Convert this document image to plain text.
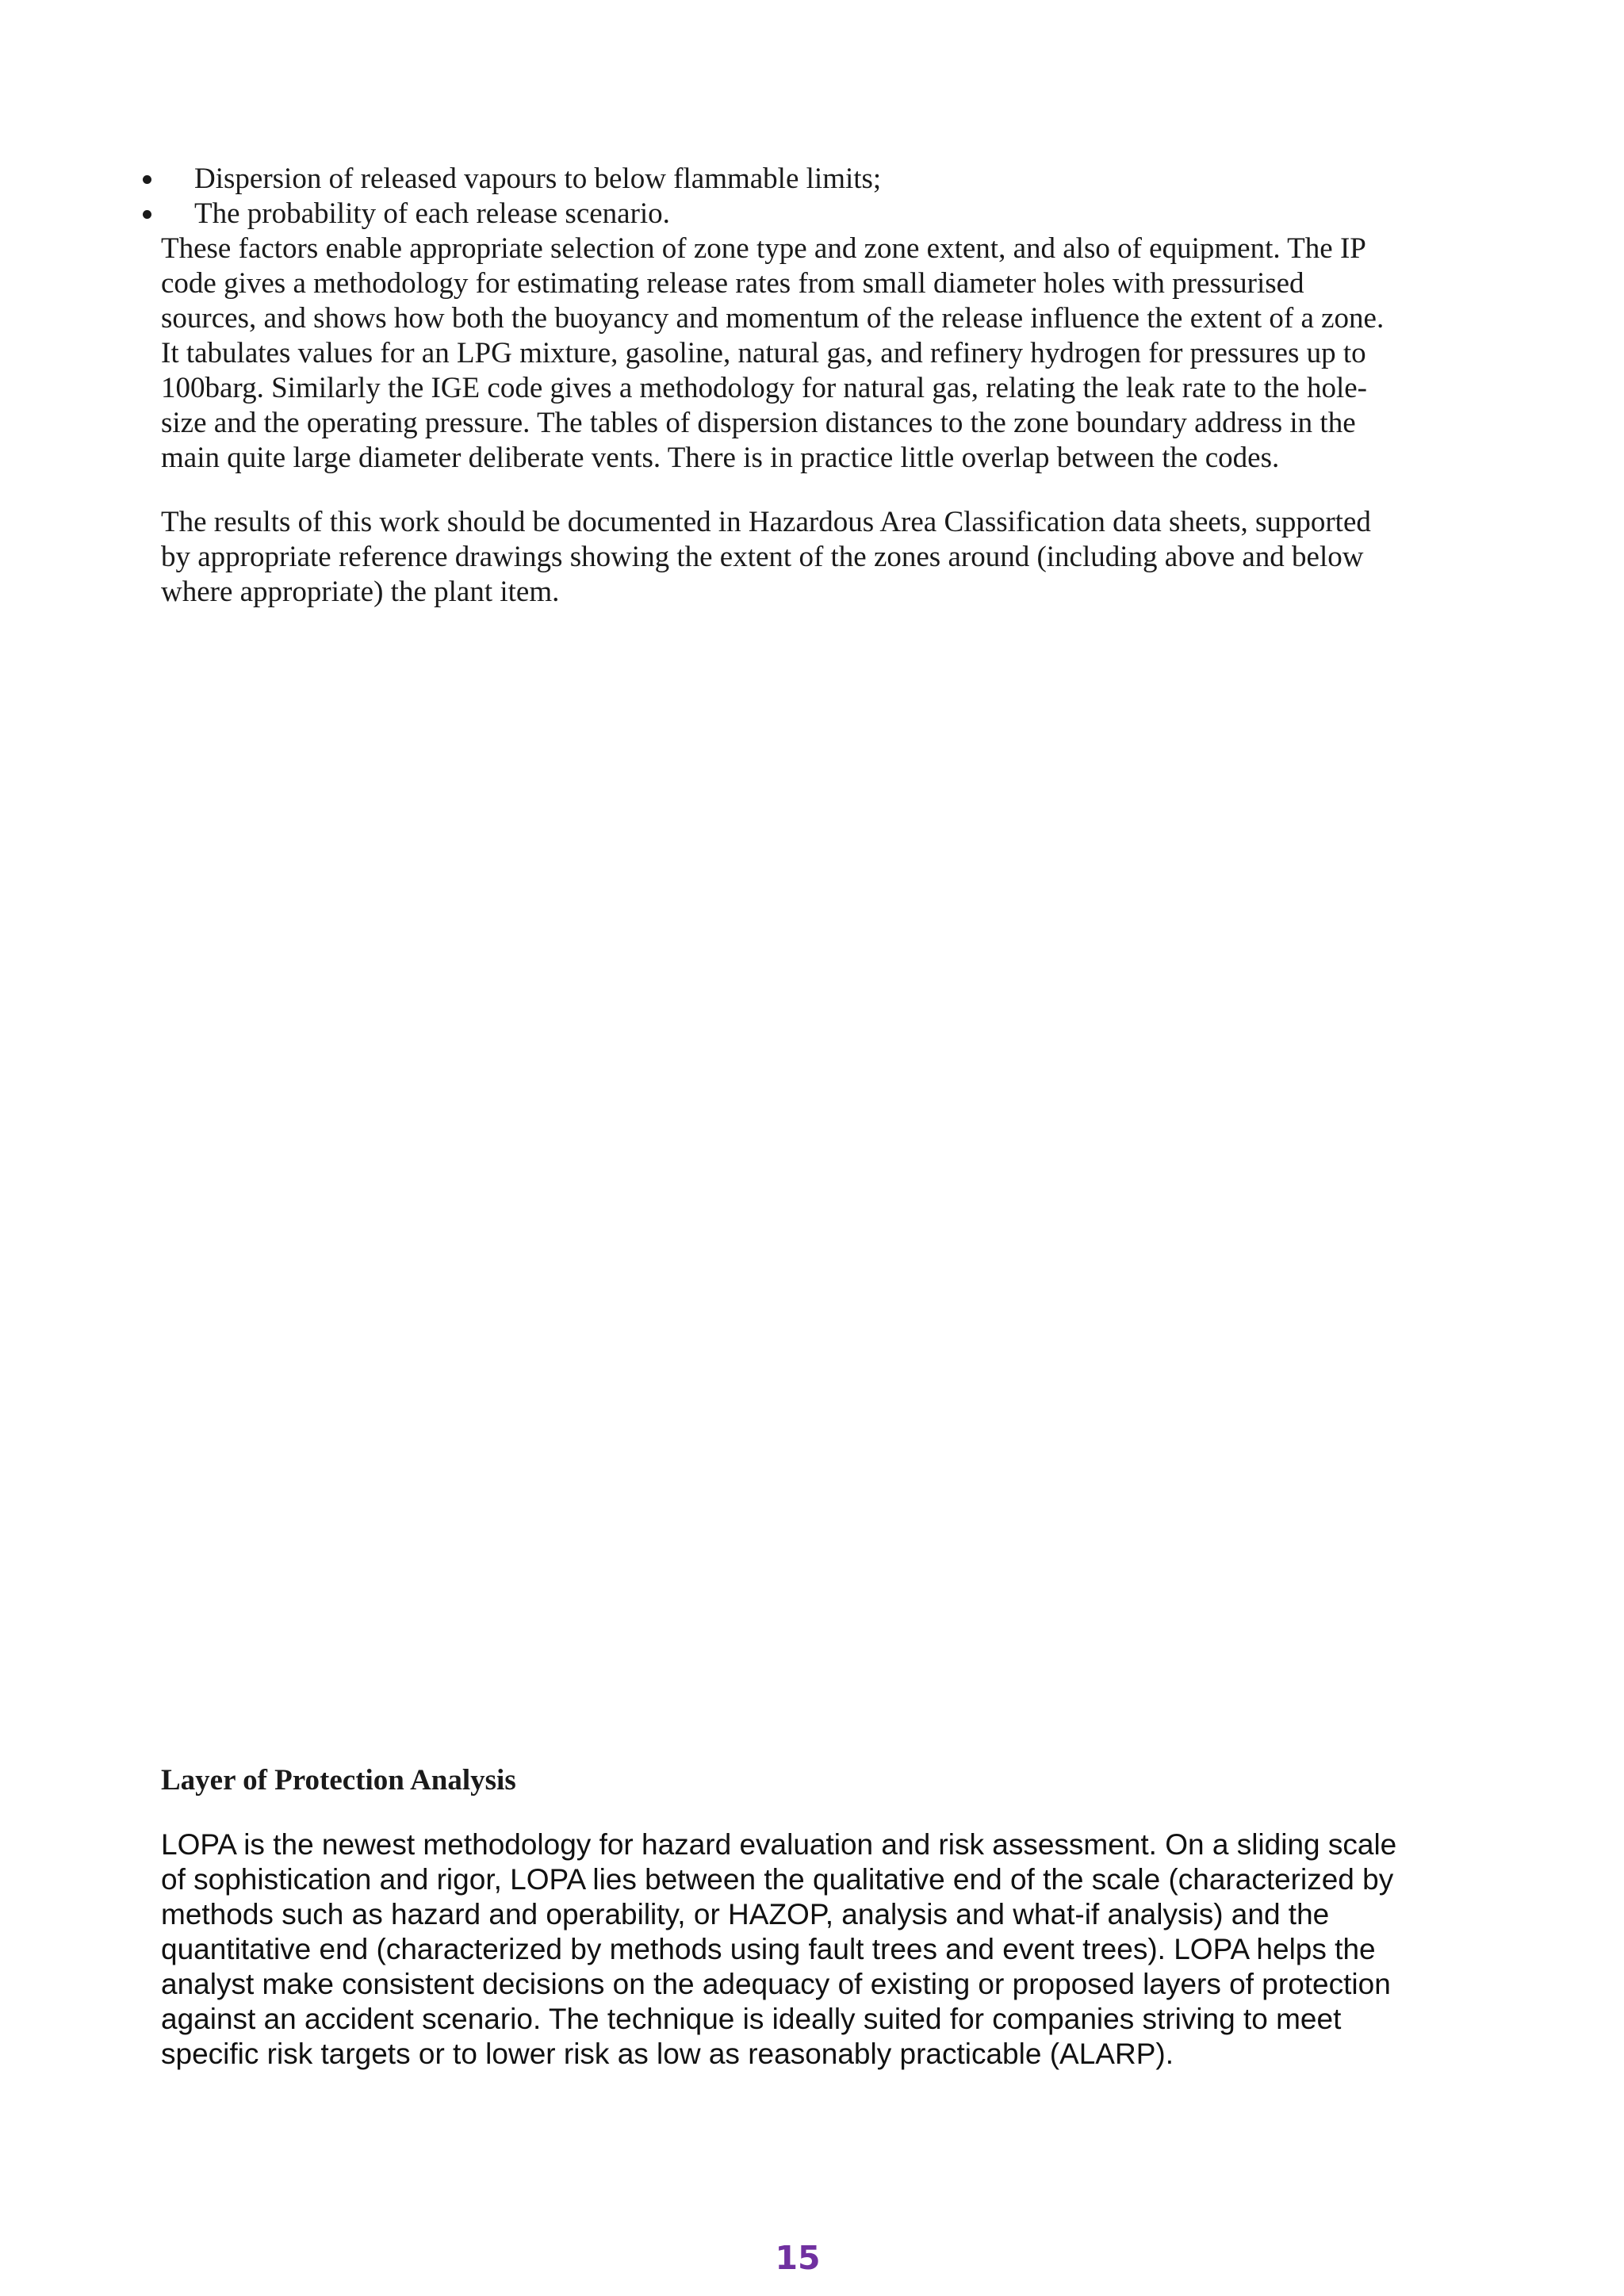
Dispersion of released vapours to below flammable limits;
The probability of each release scenario.

These factors enable appropriate selection of zone type and zone extent, and also of equipment. The IP
code gives a methodology for estimating release rates from small diameter holes with pressurised
sources, and shows how both the buoyancy and momentum of the release influence the extent of a zone.
It tabulates values for an LPG mixture, gasoline, natural gas, and refinery hydrogen for pressures up to
100barg. Similarly the IGE code gives a methodology for natural gas, relating the leak rate to the hole-
size and the operating pressure. The tables of dispersion distances to the zone boundary address in the
main quite large diameter deliberate vents. There is in practice little overlap between the codes.

The results of this work should be documented in Hazardous Area Classification data sheets, supported
by appropriate reference drawings showing the extent of the zones around (including above and below
where appropriate) the plant item.

Layer of Protection Analysis

LOPA is the newest methodology for hazard evaluation and risk assessment. On a sliding scale
of sophistication and rigor, LOPA lies between the qualitative end of the scale (characterized by
methods such as hazard and operability, or HAZOP, analysis and what-if analysis) and the
quantitative end (characterized by methods using fault trees and event trees). LOPA helps the
analyst make consistent decisions on the adequacy of existing or proposed layers of protection
against an accident scenario. The technique is ideally suited for companies striving to meet
specific risk targets or to lower risk as low as reasonably practicable (ALARP).

15
